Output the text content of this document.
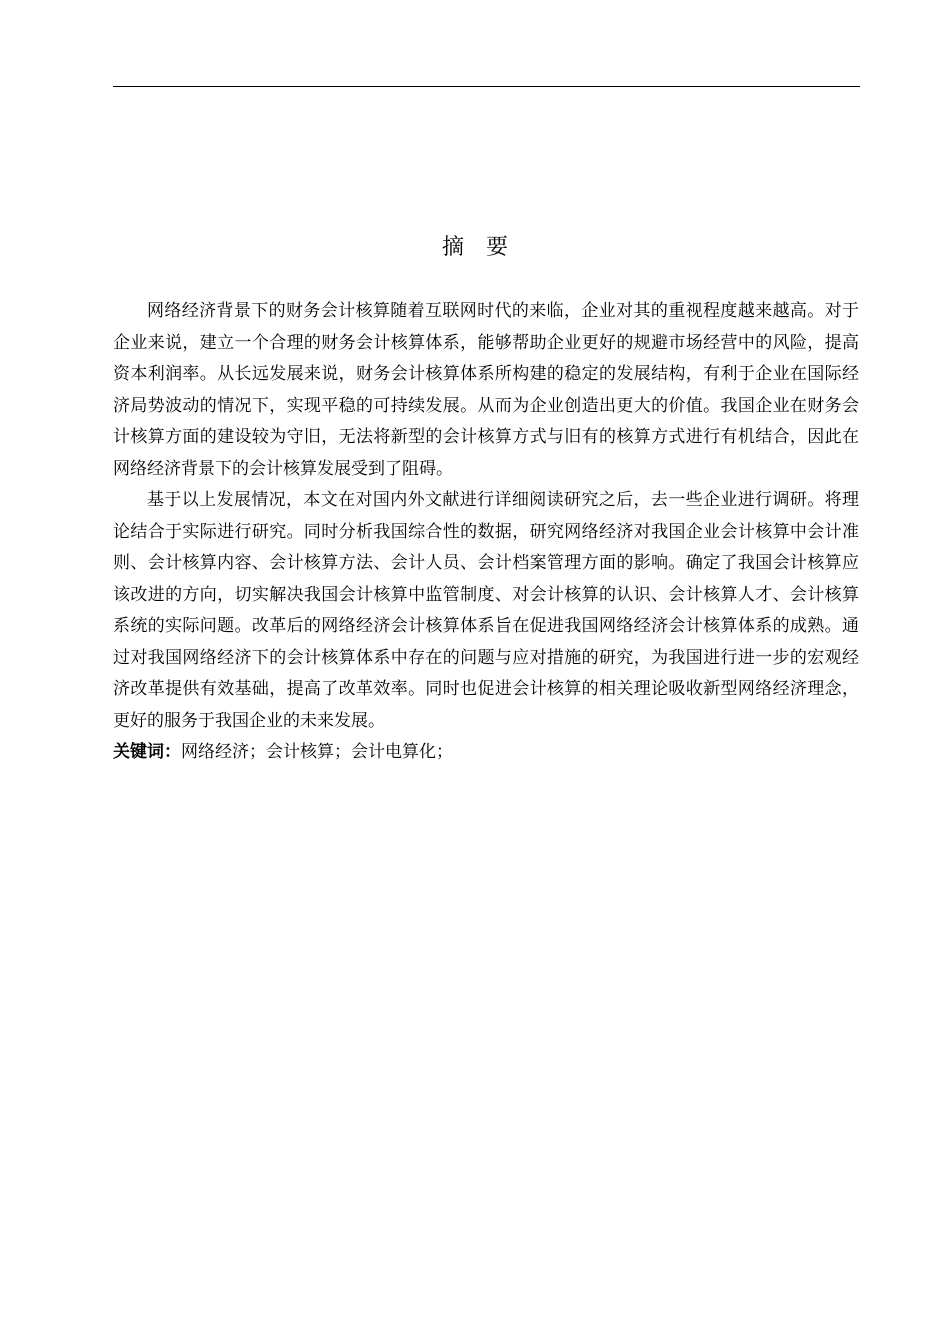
摘 要

网络经济背景下的财务会计核算随着互联网时代的来临，企业对其的重视程度越来越高。对于企业来说，建立一个合理的财务会计核算体系，能够帮助企业更好的规避市场经营中的风险，提高资本利润率。从长远发展来说，财务会计核算体系所构建的稳定的发展结构，有利于企业在国际经济局势波动的情况下，实现平稳的可持续发展。从而为企业创造出更大的价值。我国企业在财务会计核算方面的建设较为守旧，无法将新型的会计核算方式与旧有的核算方式进行有机结合，因此在网络经济背景下的会计核算发展受到了阻碍。

基于以上发展情况，本文在对国内外文献进行详细阅读研究之后，去一些企业进行调研。将理论结合于实际进行研究。同时分析我国综合性的数据，研究网络经济对我国企业会计核算中会计准则、会计核算内容、会计核算方法、会计人员、会计档案管理方面的影响。确定了我国会计核算应该改进的方向，切实解决我国会计核算中监管制度、对会计核算的认识、会计核算人才、会计核算系统的实际问题。改革后的网络经济会计核算体系旨在促进我国网络经济会计核算体系的成熟。通过对我国网络经济下的会计核算体系中存在的问题与应对措施的研究，为我国进行进一步的宏观经济改革提供有效基础，提高了改革效率。同时也促进会计核算的相关理论吸收新型网络经济理念，更好的服务于我国企业的未来发展。

关键词：网络经济；会计核算；会计电算化；
